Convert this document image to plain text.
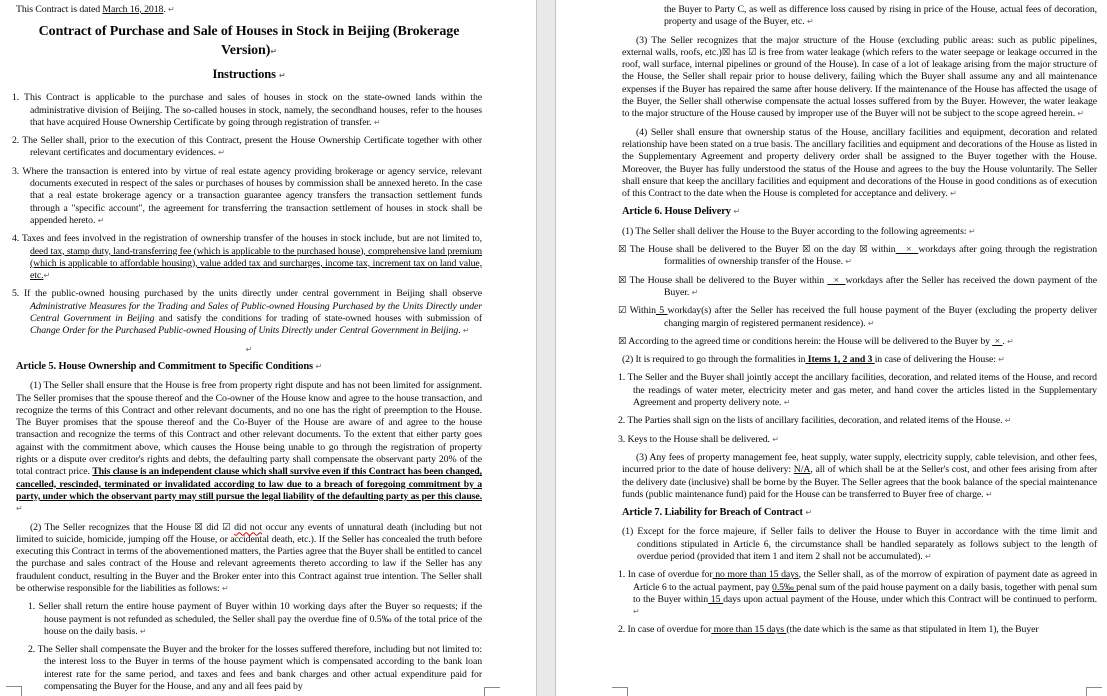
This Contract is dated March 16, 2018. ↵
Contract of Purchase and Sale of Houses in Stock in Beijing (Brokerage Version)↵
Instructions ↵
1. This Contract is applicable to the purchase and sales of houses in stock on the state-owned lands within the administrative division of Beijing. The so-called houses in stock, namely, the secondhand houses, refer to the houses that have acquired House Ownership Certificate by going through registration of transfer. ↵
2. The Seller shall, prior to the execution of this Contract, present the House Ownership Certificate together with other relevant certificates and documentary evidences. ↵
3. Where the transaction is entered into by virtue of real estate agency providing brokerage or agency service, relevant documents executed in respect of the sales or purchases of houses by commission shall be annexed hereto. In the case that a real estate brokerage agency or a transaction guarantee agency transfers the transaction settlement funds through a "specific account", the agreement for transferring the transaction settlement of houses in stock shall be appended hereto. ↵
4. Taxes and fees involved in the registration of ownership transfer of the houses in stock include, but are not limited to, deed tax, stamp duty, land-transferring fee (which is applicable to the purchased house), comprehensive land premium (which is applicable to affordable housing), value added tax and surcharges, income tax, increment tax on land value, etc.↵
5. If the public-owned housing purchased by the units directly under central government in Beijing shall observe Administrative Measures for the Trading and Sales of Public-owned Housing Purchased by the Units Directly under Central Government in Beijing and satisfy the conditions for trading of state-owned houses with submission of Change Order for the Purchased Public-owned Housing of Units Directly under Central Government in Beijing. ↵
↵
Article 5. House Ownership and Commitment to Specific Conditions ↵
(1) The Seller shall ensure that the House is free from property right dispute and has not been limited for assignment. The Seller promises that the spouse thereof and the Co-owner of the House know and agree to the house transaction, and recognize the terms of this Contract and other relevant documents, and no one has the right of preemption to the House. The Buyer promises that the spouse thereof and the Co-Buyer of the House are aware of and agree to the house transaction and recognize the terms of this Contract and other relevant documents. To the extent that either party goes against with the commitment above, which causes the House being unable to go through the registration of property rights or a dispute over creditor's rights and debts, the defaulting party shall compensate the observant party 20% of the total contract price. This clause is an independent clause which shall survive even if this Contract has been changed, cancelled, rescinded, terminated or invalidated according to law due to a breach of foregoing commitment by a party, under which the observant party may still pursue the legal liability of the defaulting party as per this clause. ↵
(2) The Seller recognizes that the House ☒ did ☑ did not occur any events of unnatural death (including but not limited to suicide, homicide, jumping off the House, or accidental death, etc.). If the Seller has concealed the truth before executing this Contract in terms of the abovementioned matters, the Parties agree that the Buyer shall be entitled to cancel the purchase and sales contract of the House and relevant agreements thereto according to law if the Seller has any fraudulent conduct, resulting in the Buyer and the Broker enter into this Contract against true intention. The Seller shall be otherwise responsible for the liabilities as follows: ↵
1. Seller shall return the entire house payment of Buyer within 10 working days after the Buyer so requests; if the house payment is not refunded as scheduled, the Seller shall pay the overdue fine of 0.5‰ of the total price of the house on the daily basis. ↵
2. The Seller shall compensate the Buyer and the broker for the losses suffered therefore, including but not limited to: the interest loss to the Buyer in terms of the house payment which is compensated according to the bank loan interest rate for the same period, and taxes and fees and bank charges and other actual expenditure paid for compensating the Buyer for the House, and any and all fees paid by
the Buyer to Party C, as well as difference loss caused by rising in price of the House, actual fees of decoration, property and usage of the Buyer, etc. ↵
(3) The Seller recognizes that the major structure of the House (excluding public areas: such as public pipelines, external walls, roofs, etc.)☒ has ☑ is free from water leakage (which refers to the water seepage or leakage occurred in the roof, wall surface, internal pipelines or ground of the House). In case of a lot of leakage arising from the major structure of the House, the Seller shall repair prior to house delivery, failing which the Buyer shall assume any and all maintenance expenses if the Buyer has repaired the same after house delivery. If the maintenance of the House has affected the usage of the Buyer, the Seller shall otherwise compensate the actual losses suffered from by the Buyer. However, the water leakage to the major structure of the House caused by improper use of the Buyer will not be subject to the scope agreed herein. ↵
(4) Seller shall ensure that ownership status of the House, ancillary facilities and equipment, decoration and related relationship have been stated on a true basis. The ancillary facilities and equipment and decorations of the House as listed in the Supplementary Agreement and property delivery order shall be assigned to the Buyer together with the House. Moreover, the Buyer has fully understood the status of the House and agrees to the buy the House voluntarily. The Seller shall ensure that keep the ancillary facilities and equipment and decorations of the House in good conditions as of execution of this Contract to the date when the House is completed for acceptance and delivery. ↵
Article 6. House Delivery ↵
(1) The Seller shall deliver the House to the Buyer according to the following agreements: ↵
☒ The House shall be delivered to the Buyer ☒ on the day ☒ within   ×  workdays after going through the registration formalities of ownership transfer of the House. ↵
☒ The House shall be delivered to the Buyer within   ×  workdays after the Seller has received the down payment of the Buyer. ↵
☑ Within 5 workday(s) after the Seller has received the full house payment of the Buyer (excluding the property deliver changing margin of registered permanent residence). ↵
☒ According to the agreed time or conditions herein: the House will be delivered to the Buyer by  × . ↵
(2) It is required to go through the formalities in Items 1, 2 and 3 in case of delivering the House: ↵
1. The Seller and the Buyer shall jointly accept the ancillary facilities, decoration, and related items of the House, and record the readings of water meter, electricity meter and gas meter, and hand cover the articles listed in the Supplementary Agreement and property delivery note. ↵
2. The Parties shall sign on the lists of ancillary facilities, decoration, and related items of the House. ↵
3. Keys to the House shall be delivered. ↵
(3) Any fees of property management fee, heat supply, water supply, electricity supply, cable television, and other fees, incurred prior to the date of house delivery: N/A, all of which shall be at the Seller's cost, and other fees arising from after the delivery date (inclusive) shall be borne by the Buyer. The Seller agrees that the book balance of the special maintenance funds (public maintenance fund) paid for the House can be transferred to Buyer free of charge. ↵
Article 7. Liability for Breach of Contract ↵
(1) Except for the force majeure, if Seller fails to deliver the House to Buyer in accordance with the time limit and conditions stipulated in Article 6, the circumstance shall be handled separately as follows subject to the length of overdue period (provided that item 1 and item 2 shall not be accumulated). ↵
1. In case of overdue for no more than 15 days, the Seller shall, as of the morrow of expiration of payment date as agreed in Article 6 to the actual payment, pay 0.5‰ penal sum of the paid house payment on a daily basis, together with penal sum to the Buyer within 15 days upon actual payment of the House, under which this Contract will be continued to perform. ↵
2. In case of overdue for more than 15 days (the date which is the same as that stipulated in Item 1), the Buyer
